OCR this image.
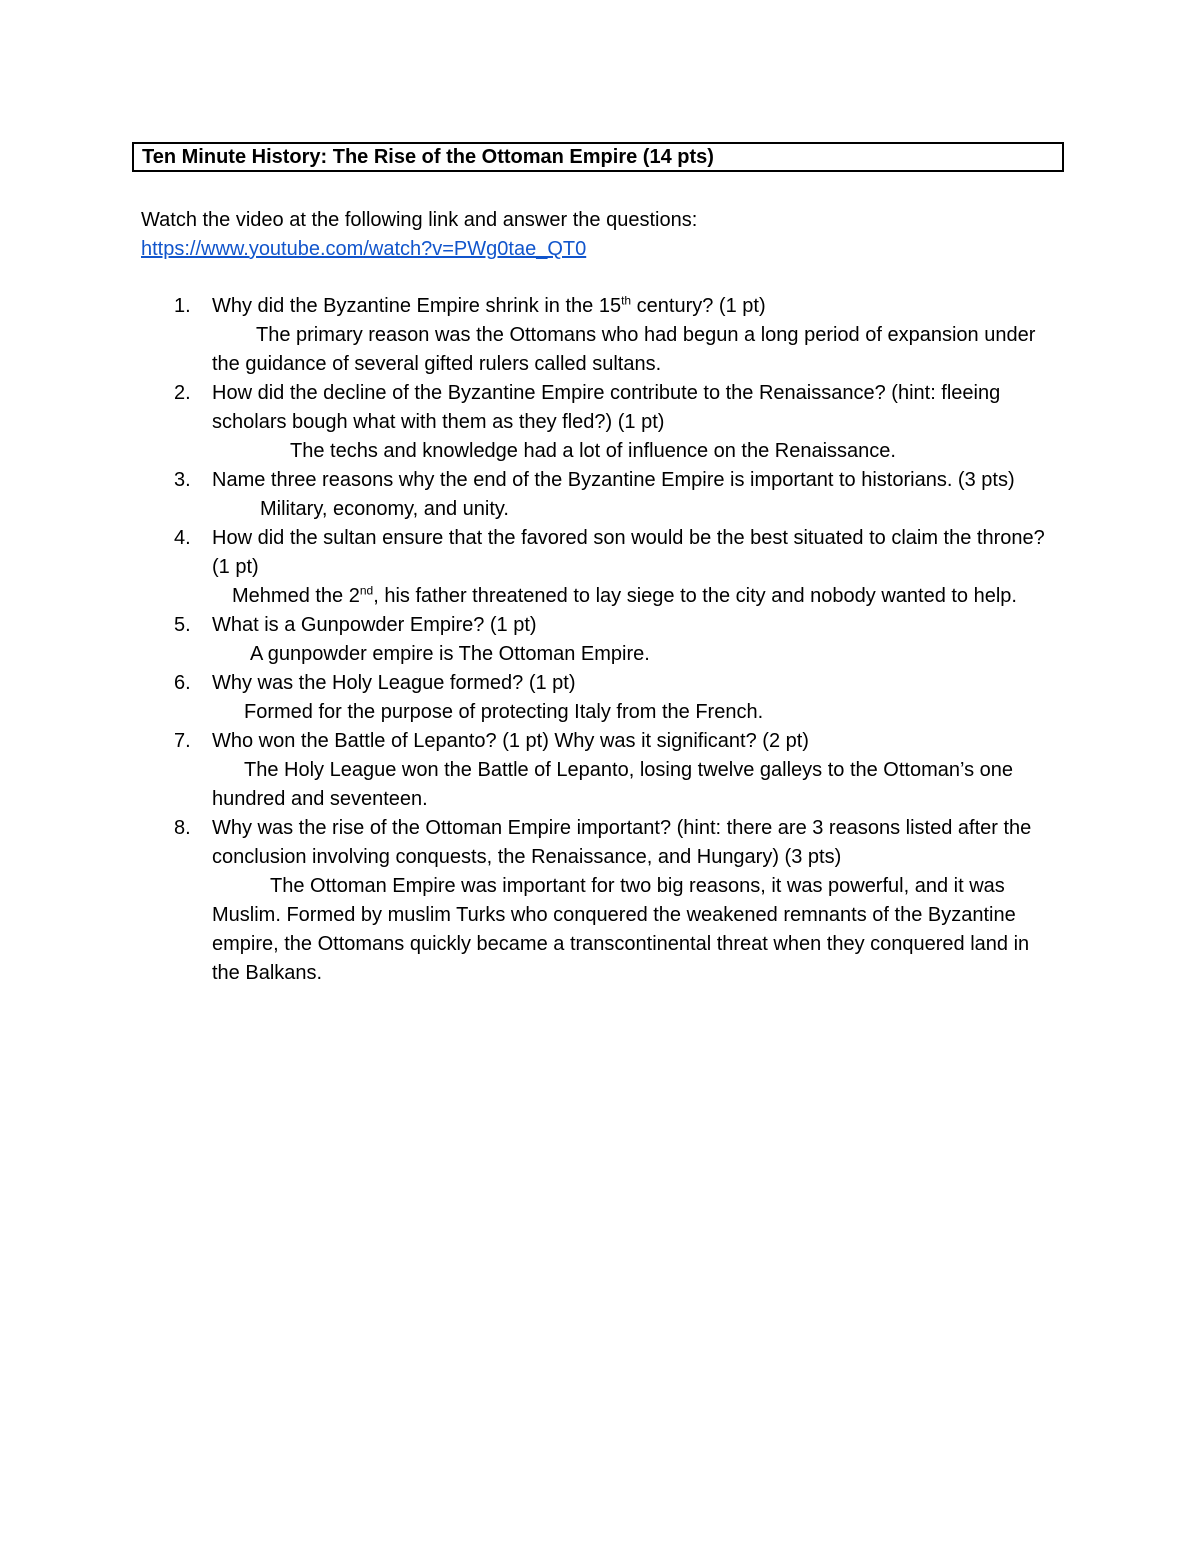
Ten Minute History: The Rise of the Ottoman Empire (14 pts)
Watch the video at the following link and answer the questions:
https://www.youtube.com/watch?v=PWg0tae_QT0
1. Why did the Byzantine Empire shrink in the 15th century? (1 pt)
The primary reason was the Ottomans who had begun a long period of expansion under the guidance of several gifted rulers called sultans.
2. How did the decline of the Byzantine Empire contribute to the Renaissance? (hint: fleeing scholars bough what with them as they fled?) (1 pt)
The techs and knowledge had a lot of influence on the Renaissance.
3. Name three reasons why the end of the Byzantine Empire is important to historians. (3 pts)
Military, economy, and unity.
4. How did the sultan ensure that the favored son would be the best situated to claim the throne? (1 pt)
Mehmed the 2nd, his father threatened to lay siege to the city and nobody wanted to help.
5. What is a Gunpowder Empire? (1 pt)
A gunpowder empire is The Ottoman Empire.
6. Why was the Holy League formed? (1 pt)
Formed for the purpose of protecting Italy from the French.
7. Who won the Battle of Lepanto? (1 pt) Why was it significant? (2 pt)
The Holy League won the Battle of Lepanto, losing twelve galleys to the Ottoman’s one hundred and seventeen.
8. Why was the rise of the Ottoman Empire important? (hint: there are 3 reasons listed after the conclusion involving conquests, the Renaissance, and Hungary) (3 pts)
The Ottoman Empire was important for two big reasons, it was powerful, and it was Muslim. Formed by muslim Turks who conquered the weakened remnants of the Byzantine empire, the Ottomans quickly became a transcontinental threat when they conquered land in the Balkans.
